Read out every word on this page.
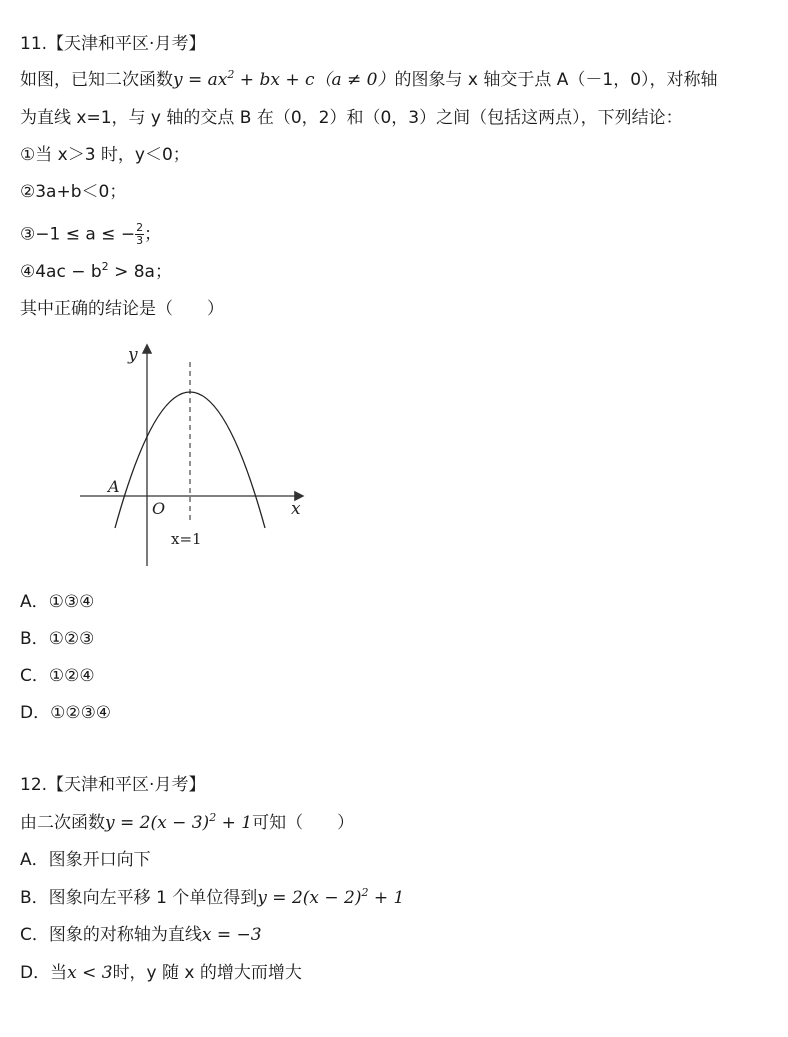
11.【天津和平区·月考】
如图，已知二次函数$y = ax^2$ + bx + c（a ≠ 0）的图象与 x 轴交于点 A（－1，0），对称轴
为直线 x=1，与 y 轴的交点 B 在（0，2）和（0，3）之间（包括这两点），下列结论：
①当 x＞3 时，y＜0；
②3a+b＜0；
③−1 ≤ a ≤ − $\frac{2}{3}$ ；
④4ac − $b^2 > 8a$；
其中正确的结论是（　　）
y
x
O
A
x=1
A．①③④
B．①②③
C．①②④
D．①②③④
12.【天津和平区·月考】
由二次函数$y = 2(x - 3)^2 + 1$可知（　　）
A．图象开口向下
B．图象向左平移 1 个单位得到$y = 2(x - 2)^2 + 1$
C．图象的对称轴为直线x = −3
D．当x < 3时，y 随 x 的增大而增大
